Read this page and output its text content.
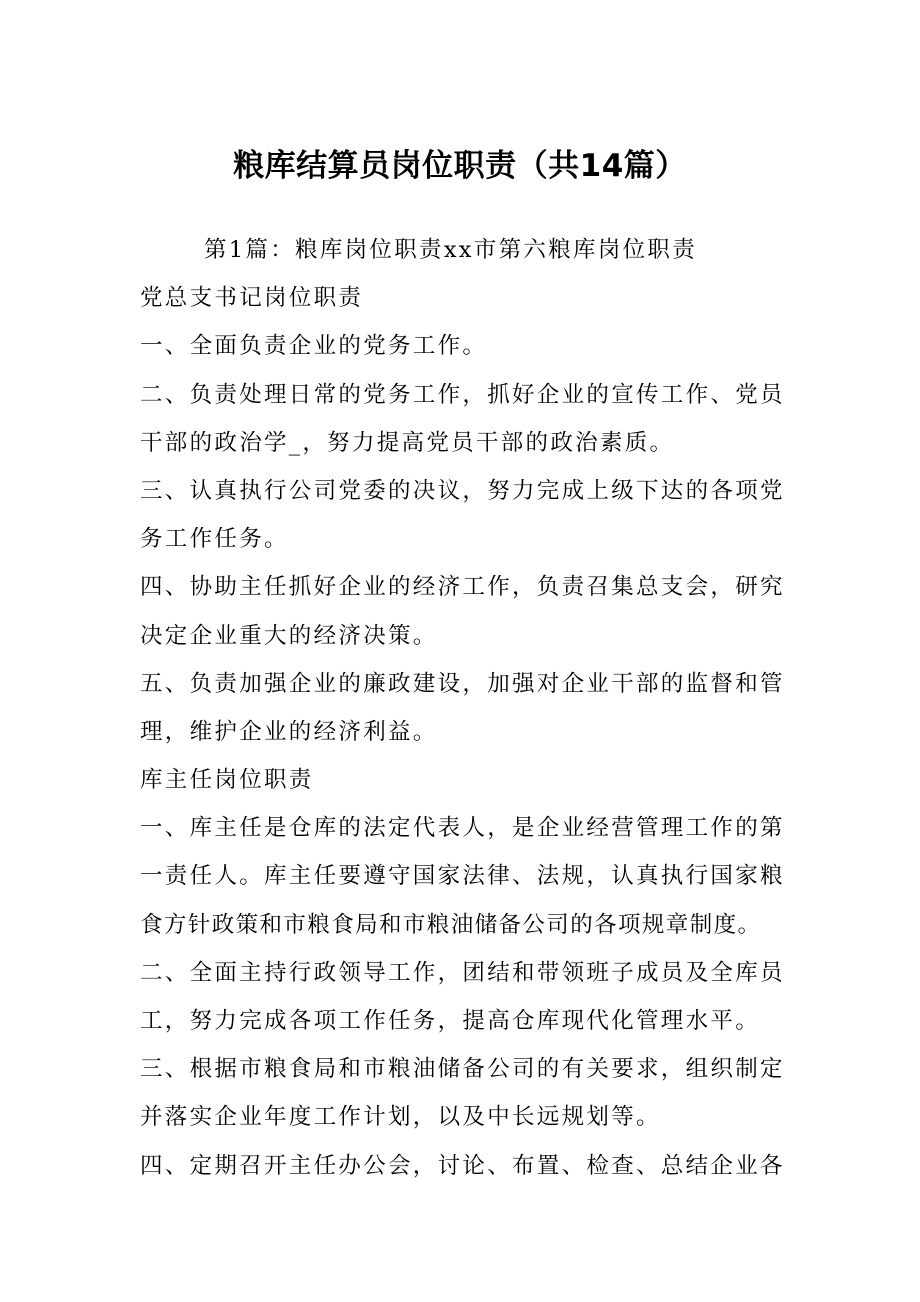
粮库结算员岗位职责（共14篇）
第1篇：粮库岗位职责xx市第六粮库岗位职责
党总支书记岗位职责
一、全面负责企业的党务工作。
二、负责处理日常的党务工作，抓好企业的宣传工作、党员
干部的政治学_，努力提高党员干部的政治素质。
三、认真执行公司党委的决议，努力完成上级下达的各项党
务工作任务。
四、协助主任抓好企业的经济工作，负责召集总支会，研究
决定企业重大的经济决策。
五、负责加强企业的廉政建设，加强对企业干部的监督和管
理，维护企业的经济利益。
库主任岗位职责
一、库主任是仓库的法定代表人，是企业经营管理工作的第
一责任人。库主任要遵守国家法律、法规，认真执行国家粮
食方针政策和市粮食局和市粮油储备公司的各项规章制度。
二、全面主持行政领导工作，团结和带领班子成员及全库员
工，努力完成各项工作任务，提高仓库现代化管理水平。
三、根据市粮食局和市粮油储备公司的有关要求，组织制定
并落实企业年度工作计划，以及中长远规划等。
四、定期召开主任办公会，讨论、布置、检查、总结企业各
